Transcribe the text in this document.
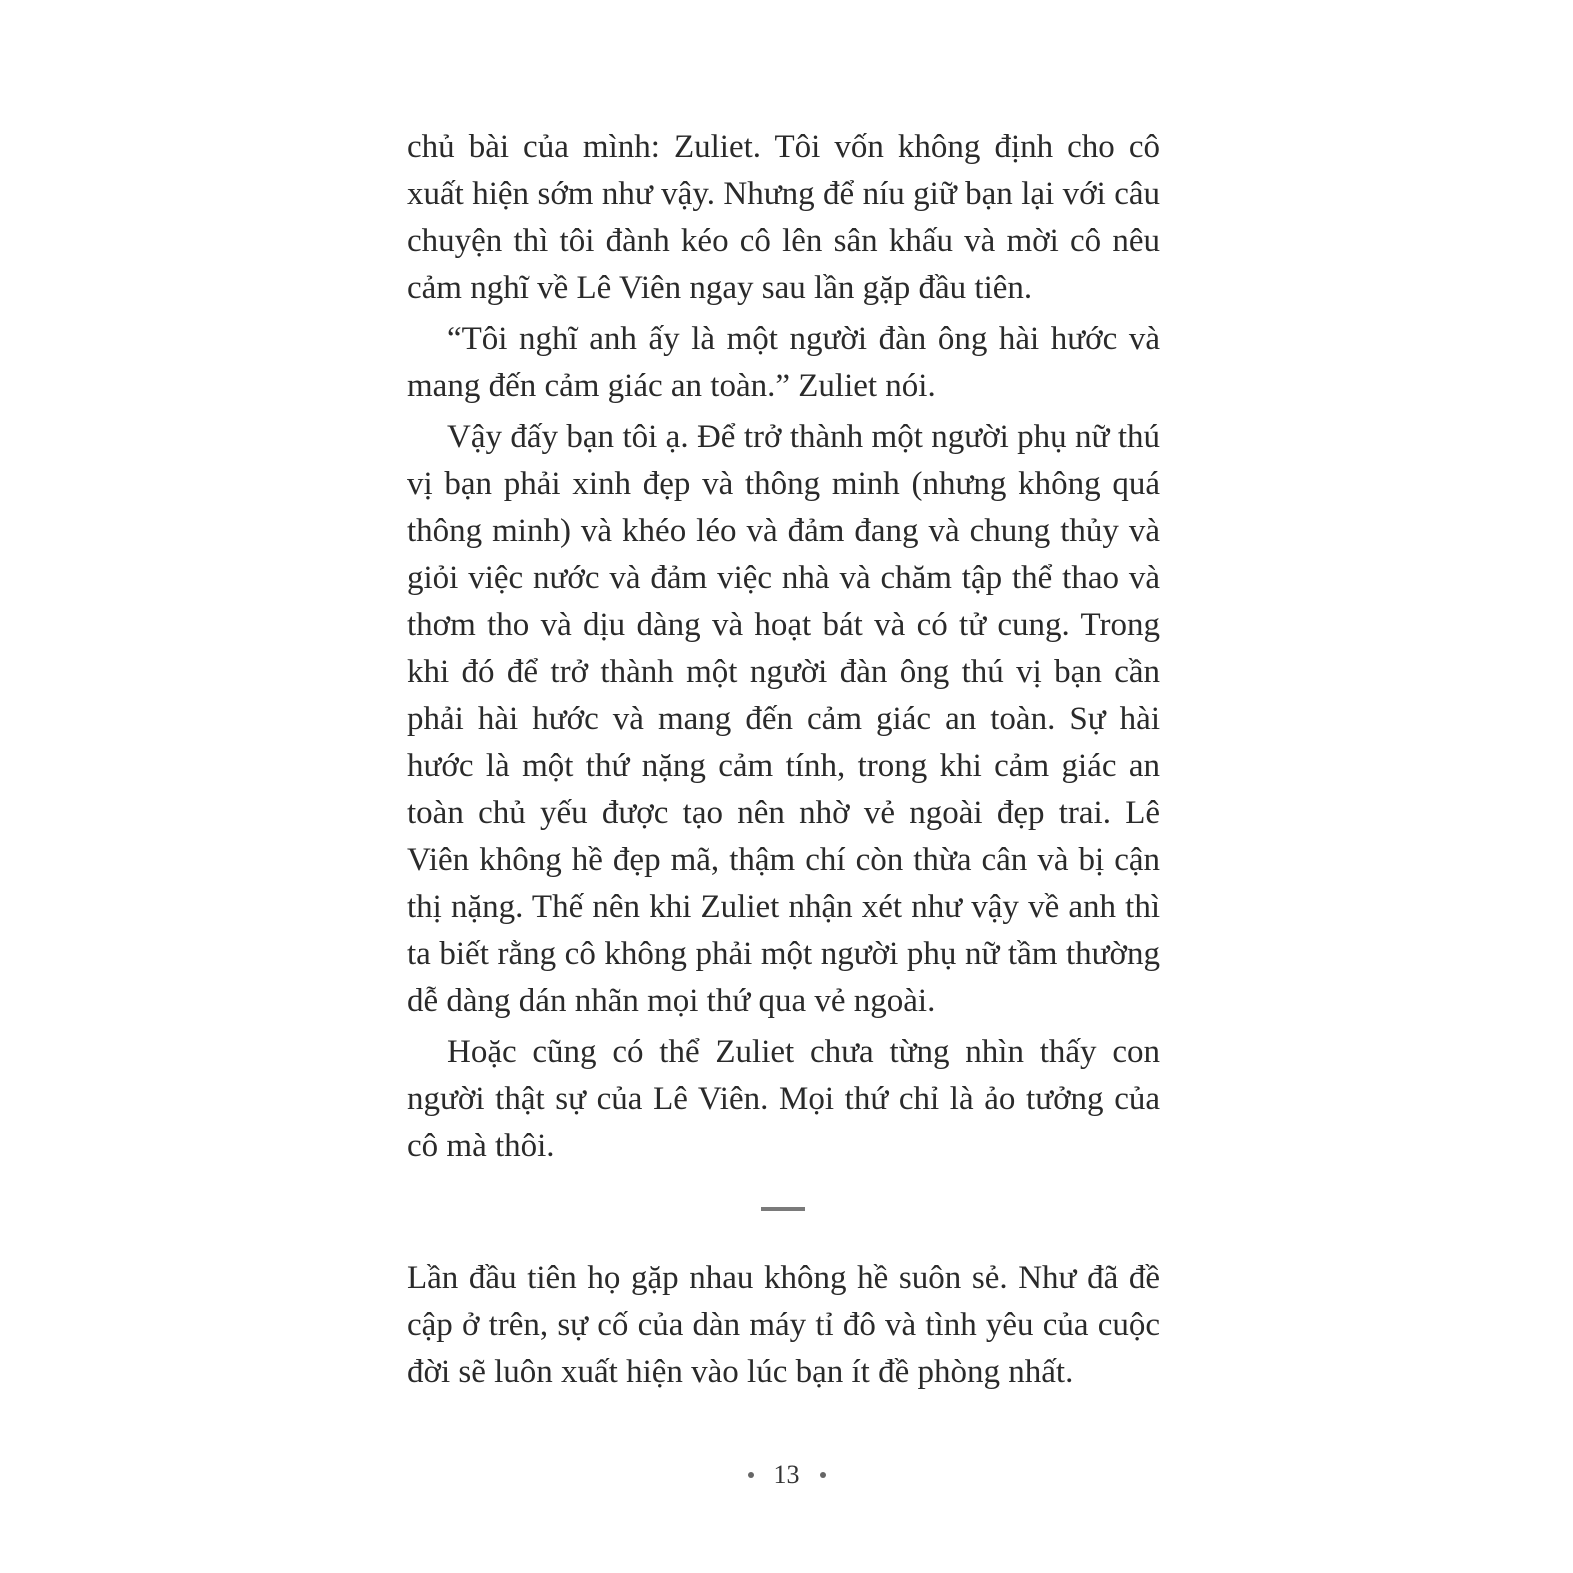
chủ bài của mình: Zuliet. Tôi vốn không định cho cô xuất hiện sớm như vậy. Nhưng để níu giữ bạn lại với câu chuyện thì tôi đành kéo cô lên sân khấu và mời cô nêu cảm nghĩ về Lê Viên ngay sau lần gặp đầu tiên.

“Tôi nghĩ anh ấy là một người đàn ông hài hước và mang đến cảm giác an toàn.” Zuliet nói.

Vậy đấy bạn tôi ạ. Để trở thành một người phụ nữ thú vị bạn phải xinh đẹp và thông minh (nhưng không quá thông minh) và khéo léo và đảm đang và chung thủy và giỏi việc nước và đảm việc nhà và chăm tập thể thao và thơm tho và dịu dàng và hoạt bát và có tử cung. Trong khi đó để trở thành một người đàn ông thú vị bạn cần phải hài hước và mang đến cảm giác an toàn. Sự hài hước là một thứ nặng cảm tính, trong khi cảm giác an toàn chủ yếu được tạo nên nhờ vẻ ngoài đẹp trai. Lê Viên không hề đẹp mã, thậm chí còn thừa cân và bị cận thị nặng. Thế nên khi Zuliet nhận xét như vậy về anh thì ta biết rằng cô không phải một người phụ nữ tầm thường dễ dàng dán nhãn mọi thứ qua vẻ ngoài.

Hoặc cũng có thể Zuliet chưa từng nhìn thấy con người thật sự của Lê Viên. Mọi thứ chỉ là ảo tưởng của cô mà thôi.

Lần đầu tiên họ gặp nhau không hề suôn sẻ. Như đã đề cập ở trên, sự cố của dàn máy tỉ đô và tình yêu của cuộc đời sẽ luôn xuất hiện vào lúc bạn ít đề phòng nhất.

13
